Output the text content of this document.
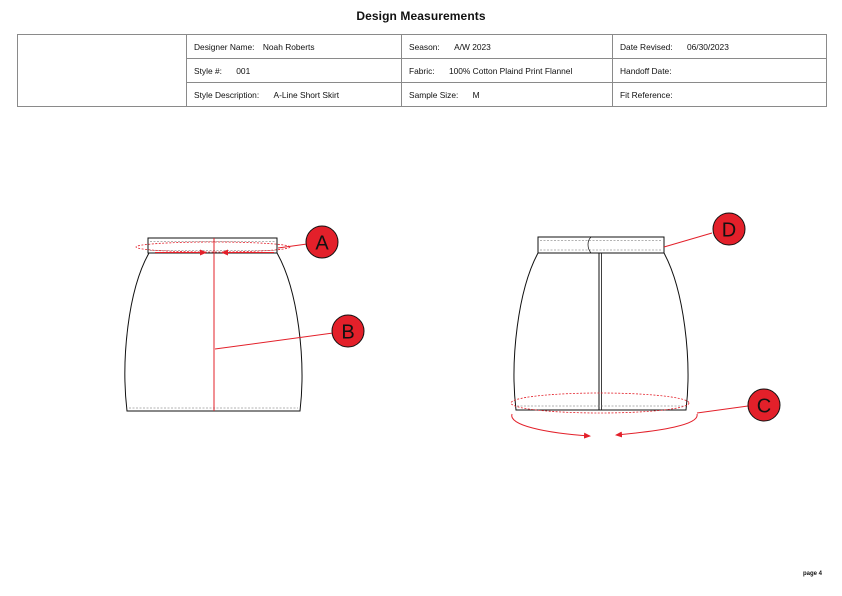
Design Measurements
	Designer Name: Noah Roberts	Season: A/W 2023	Date Revised: 06/30/2023
	Style #: 001	Fabric: 100% Cotton Plaind Print Flannel	Handoff Date:
	Style Description: A-Line Short Skirt	Sample Size: M	Fit Reference:
A
B
C
D
page 4
